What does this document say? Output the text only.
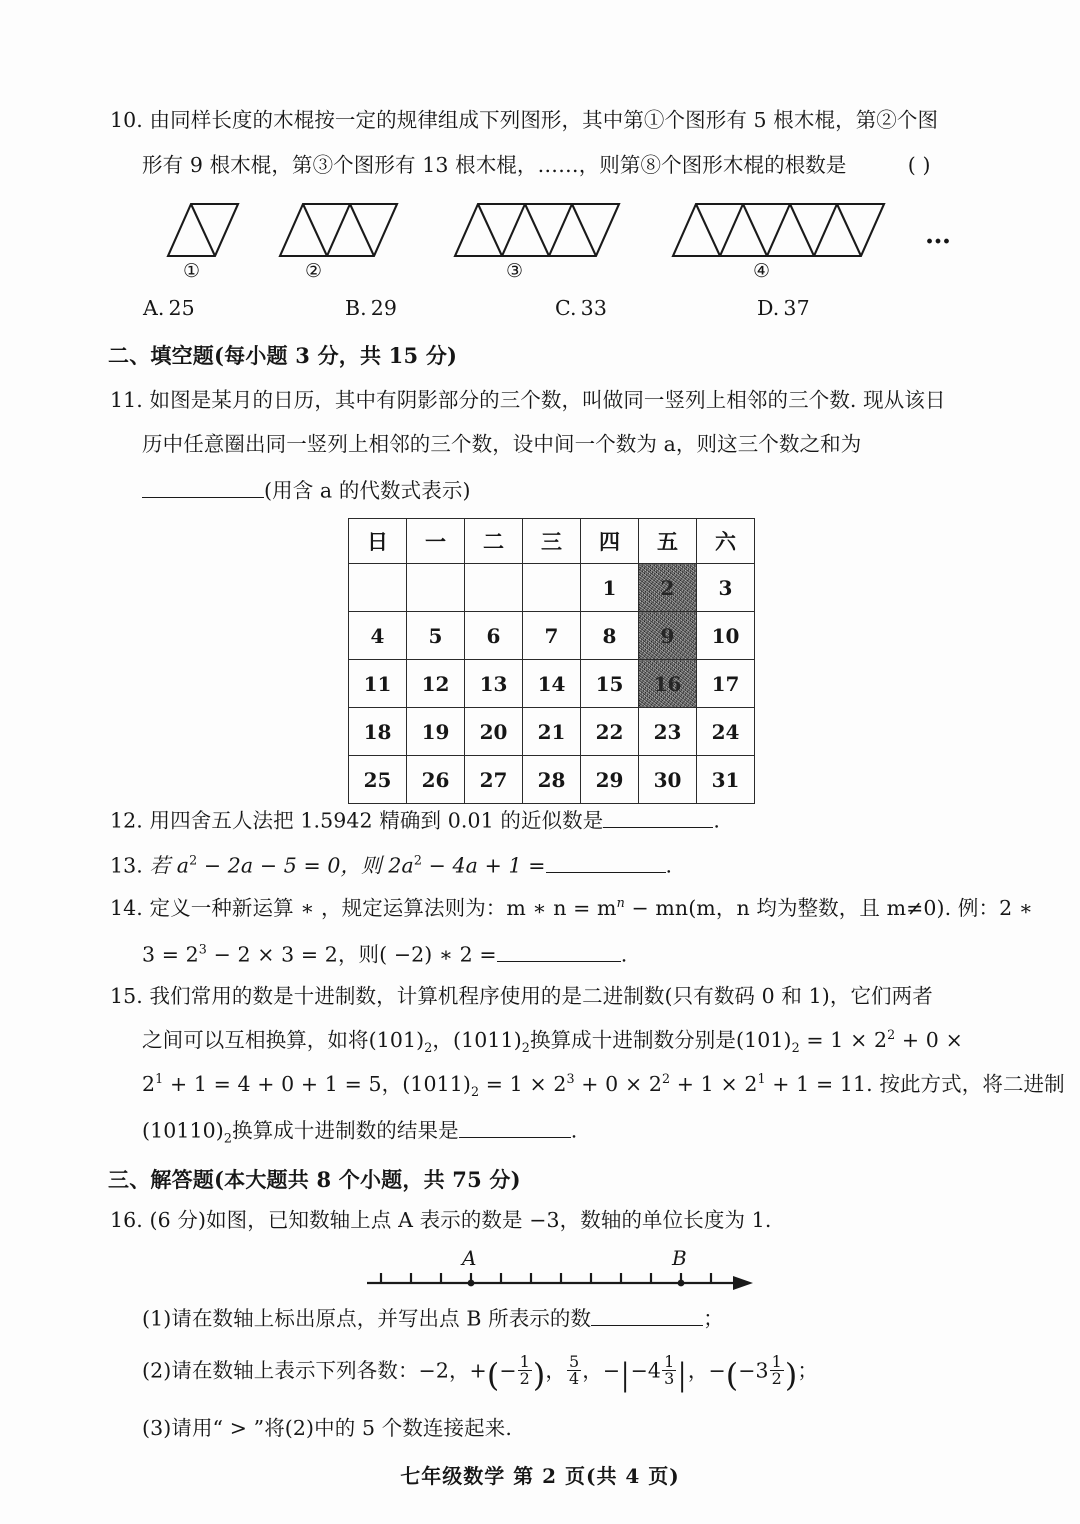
10. 由同样长度的木棍按一定的规律组成下列图形，其中第①个图形有 5 根木棍，第②个图
形有 9 根木棍，第③个图形有 13 根木棍，……，则第⑧个图形木棍的根数是	( )
①	②	③	④
…
A. 25	B. 29	C. 33	D. 37
二、填空题(每小题 3 分，共 15 分)
11. 如图是某月的日历，其中有阴影部分的三个数，叫做同一竖列上相邻的三个数. 现从该日
历中任意圈出同一竖列上相邻的三个数，设中间一个数为 a，则这三个数之和为
(用含 a 的代数式表示)
日	一	二	三	四	五	六
				1	2	3
4	5	6	7	8	9	10
11	12	13	14	15	16	17
18	19	20	21	22	23	24
25	26	27	28	29	30	31
12. 用四舍五人法把 1.5942 精确到 0.01 的近似数是	.
13. 若 $a^2 - 2a - 5 = 0$，则 $2a^2 - 4a + 1$ =	.
14. 定义一种新运算 ∗ ，规定运算法则为：m ∗ $n = m^n - mn(m$，n 均为整数，且 m≠0). 例：2 ∗
$3 = 2^3 - 2 \times 3 = 2$，则( −2) ∗ 2 =	.
15. 我们常用的数是十进制数，计算机程序使用的是二进制数(只有数码 0 和 1)，它们两者
之间可以互相换算，如将$(101)_2$，$(1011)_2$换算成十进制数分别是$(101)_2 = 1 \times 2^2 + 0$ ×
$2^1 + 1 = 4 + 0 + 1 = 5$，$(1011)_2 = 1 \times 2^3 + 0 \times 2^2 + 1 \times 2^1 + 1 = 11$. 按此方式，将二进制
$(10110)_2$换算成十进制数的结果是	.
三、解答题(本大题共 8 个小题，共 75 分)
16. (6 分)如图，已知数轴上点 A 表示的数是 −3，数轴的单位长度为 1.
A	B
(1)请在数轴上标出原点，并写出点 B 所表示的数	；
(2)请在数轴上表示下列各数：−2，+(− $\frac{1}{2}$ )， $\frac{5}{4}$ ，$-|-4 \frac{1}{3}$ |，$-(-3 \frac{1}{2}$ )；
(3)请用“ > ”将(2)中的 5 个数连接起来.
七年级数学 第 2 页(共 4 页)
